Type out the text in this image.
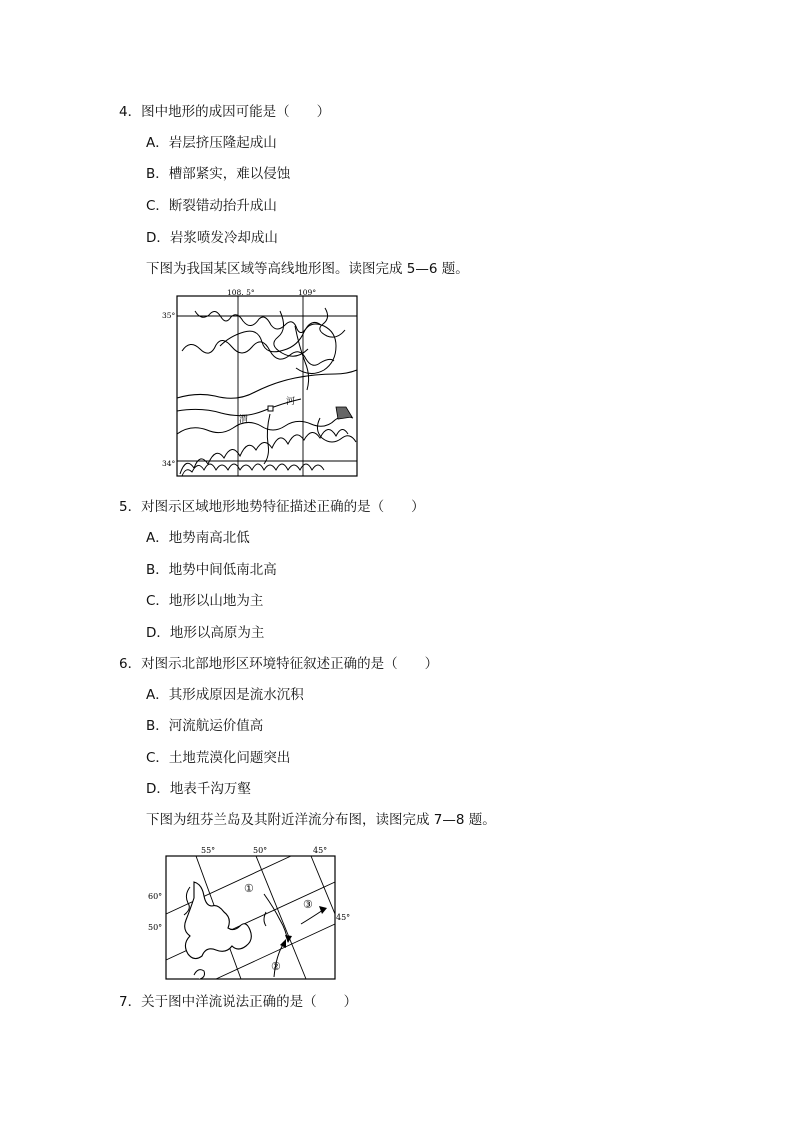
4．图中地形的成因可能是（　　）
A．岩层挤压隆起成山
B．槽部紧实，难以侵蚀
C．断裂错动抬升成山
D．岩浆喷发冷却成山
下图为我国某区域等高线地形图。读图完成 5—6 题。
108. 5°	109°
35°
34°
渭
河
5．对图示区域地形地势特征描述正确的是（　　）
A．地势南高北低
B．地势中间低南北高
C．地形以山地为主
D．地形以高原为主
6．对图示北部地形区环境特征叙述正确的是（　　）
A．其形成原因是流水沉积
B．河流航运价值高
C．土地荒漠化问题突出
D．地表千沟万壑
下图为纽芬兰岛及其附近洋流分布图，读图完成 7—8 题。
55°	50°	45°
60°
50°
45°
①
②
③
7．关于图中洋流说法正确的是（　　）
